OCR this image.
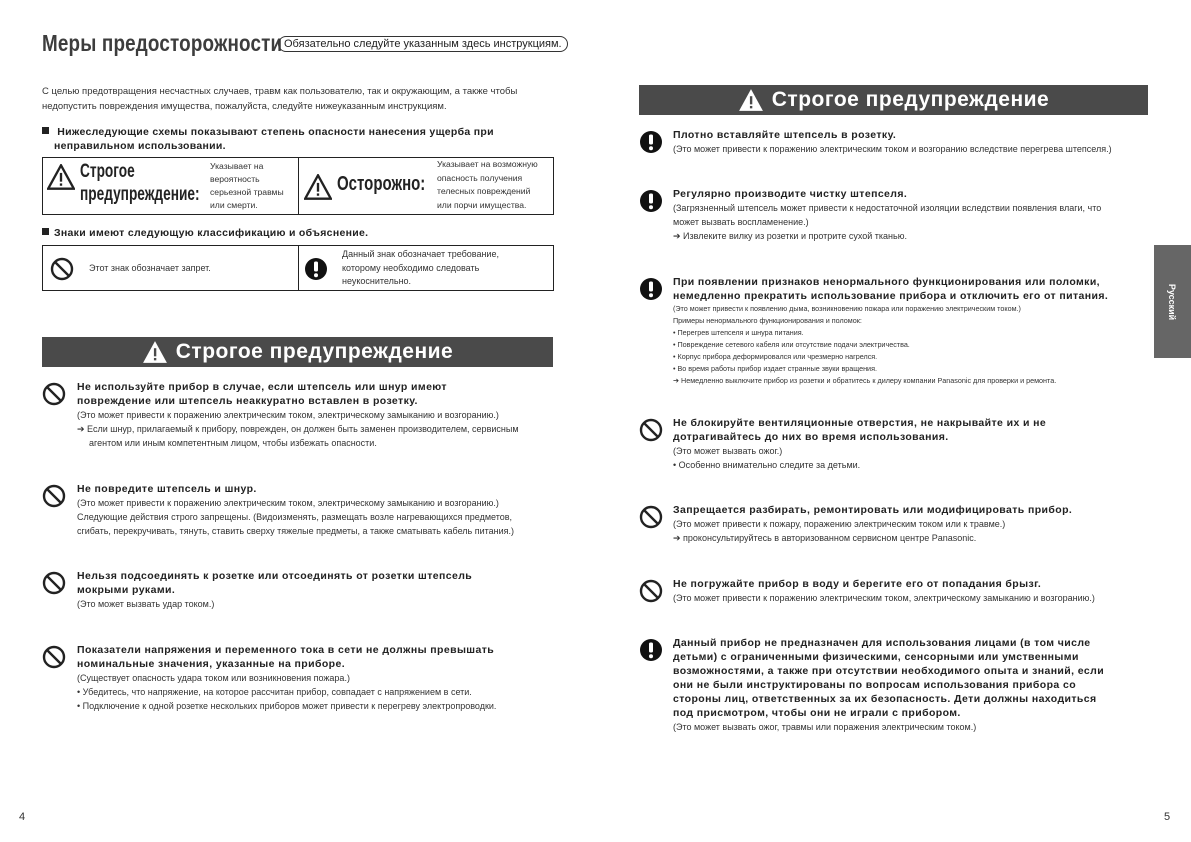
Меры предосторожности Обязательно следуйте указанным здесь инструкциям.
С целью предотвращения несчастных случаев, травм как пользователю, так и окружающим, а также чтобы
недопустить повреждения имущества, пожалуйста, следуйте нижеуказанным инструкциям.
Нижеследующие схемы показывают степень опасности нанесения ущерба при
неправильном использовании.
Строгое
предупреждение:
Указывает на
вероятность
серьезной травмы
или смерти.
Осторожно:
Указывает на возможную
опасность получения
телесных повреждений
или порчи имущества.
Знаки имеют следующую классификацию и объяснение.
Этот знак обозначает запрет.
Данный знак обозначает требование,
которому необходимо следовать
неукоснительно.
Строгое предупреждение
Не используйте прибор в случае, если штепсель или шнур имеют
повреждение или штепсель неаккуратно вставлен в розетку.
(Это может привести к поражению электрическим током, электрическому замыканию и возгоранию.)
➔ Если шнур, прилагаемый к прибору, поврежден, он должен быть заменен производителем, сервисным
агентом или иным компетентным лицом, чтобы избежать опасности.
Не повредите штепсель и шнур.
(Это может привести к поражению электрическим током, электрическому замыканию и возгоранию.)
Следующие действия строго запрещены. (Видоизменять, размещать возле нагревающихся предметов,
сгибать, перекручивать, тянуть, ставить сверху тяжелые предметы, а также сматывать кабель питания.)
Нельзя подсоединять к розетке или отсоединять от розетки штепсель
мокрыми руками.
(Это может вызвать удар током.)
Показатели напряжения и переменного тока в сети не должны превышать
номинальные значения, указанные на приборе.
(Существует опасность удара током или возникновения пожара.)
• Убедитесь, что напряжение, на которое рассчитан прибор, совпадает с напряжением в сети.
• Подключение к одной розетке нескольких приборов может привести к перегреву электропроводки.
Строгое предупреждение
Плотно вставляйте штепсель в розетку.
(Это может привести к поражению электрическим током и возгоранию вследствие перегрева штепселя.)
Регулярно производите чистку штепселя.
(Загрязненный штепсель может привести к недостаточной изоляции вследствии появления влаги, что
может вызвать воспламенение.)
➔ Извлеките вилку из розетки и протрите сухой тканью.
При появлении признаков ненормального функционирования или поломки,
немедленно прекратить использование прибора и отключить его от питания.
(Это может привести к появлению дыма, возникновению пожара или поражению электрическим током.)
Примеры ненормального функционирования и поломок:
• Перегрев штепселя и шнура питания.
• Повреждение сетевого кабеля или отсутствие подачи электричества.
• Корпус прибора деформировался или чрезмерно нагрелся.
• Во время работы прибор издает странные звуки вращения.
➔ Немедленно выключите прибор из розетки и обратитесь к дилеру компании Panasonic для проверки и ремонта.
Не блокируйте вентиляционные отверстия, не накрывайте их и не
дотрагивайтесь до них во время использования.
(Это может вызвать ожог.)
• Особенно внимательно следите за детьми.
Запрещается разбирать, ремонтировать или модифицировать прибор.
(Это может привести к пожару, поражению электрическим током или к травме.)
➔ проконсультируйтесь в авторизованном сервисном центре Panasonic.
Не погружайте прибор в воду и берегите его от попадания брызг.
(Это может привести к поражению электрическим током, электрическому замыканию и возгоранию.)
Данный прибор не предназначен для использования лицами (в том числе
детьми) с ограниченными физическими, сенсорными или умственными
возможностями, а также при отсутствии необходимого опыта и знаний, если
они не были инструктированы по вопросам использования прибора со
стороны лиц, ответственных за их безопасность. Дети должны находиться
под присмотром, чтобы они не играли с прибором.
(Это может вызвать ожог, травмы или поражения электрическим током.)
Русский
4	5
